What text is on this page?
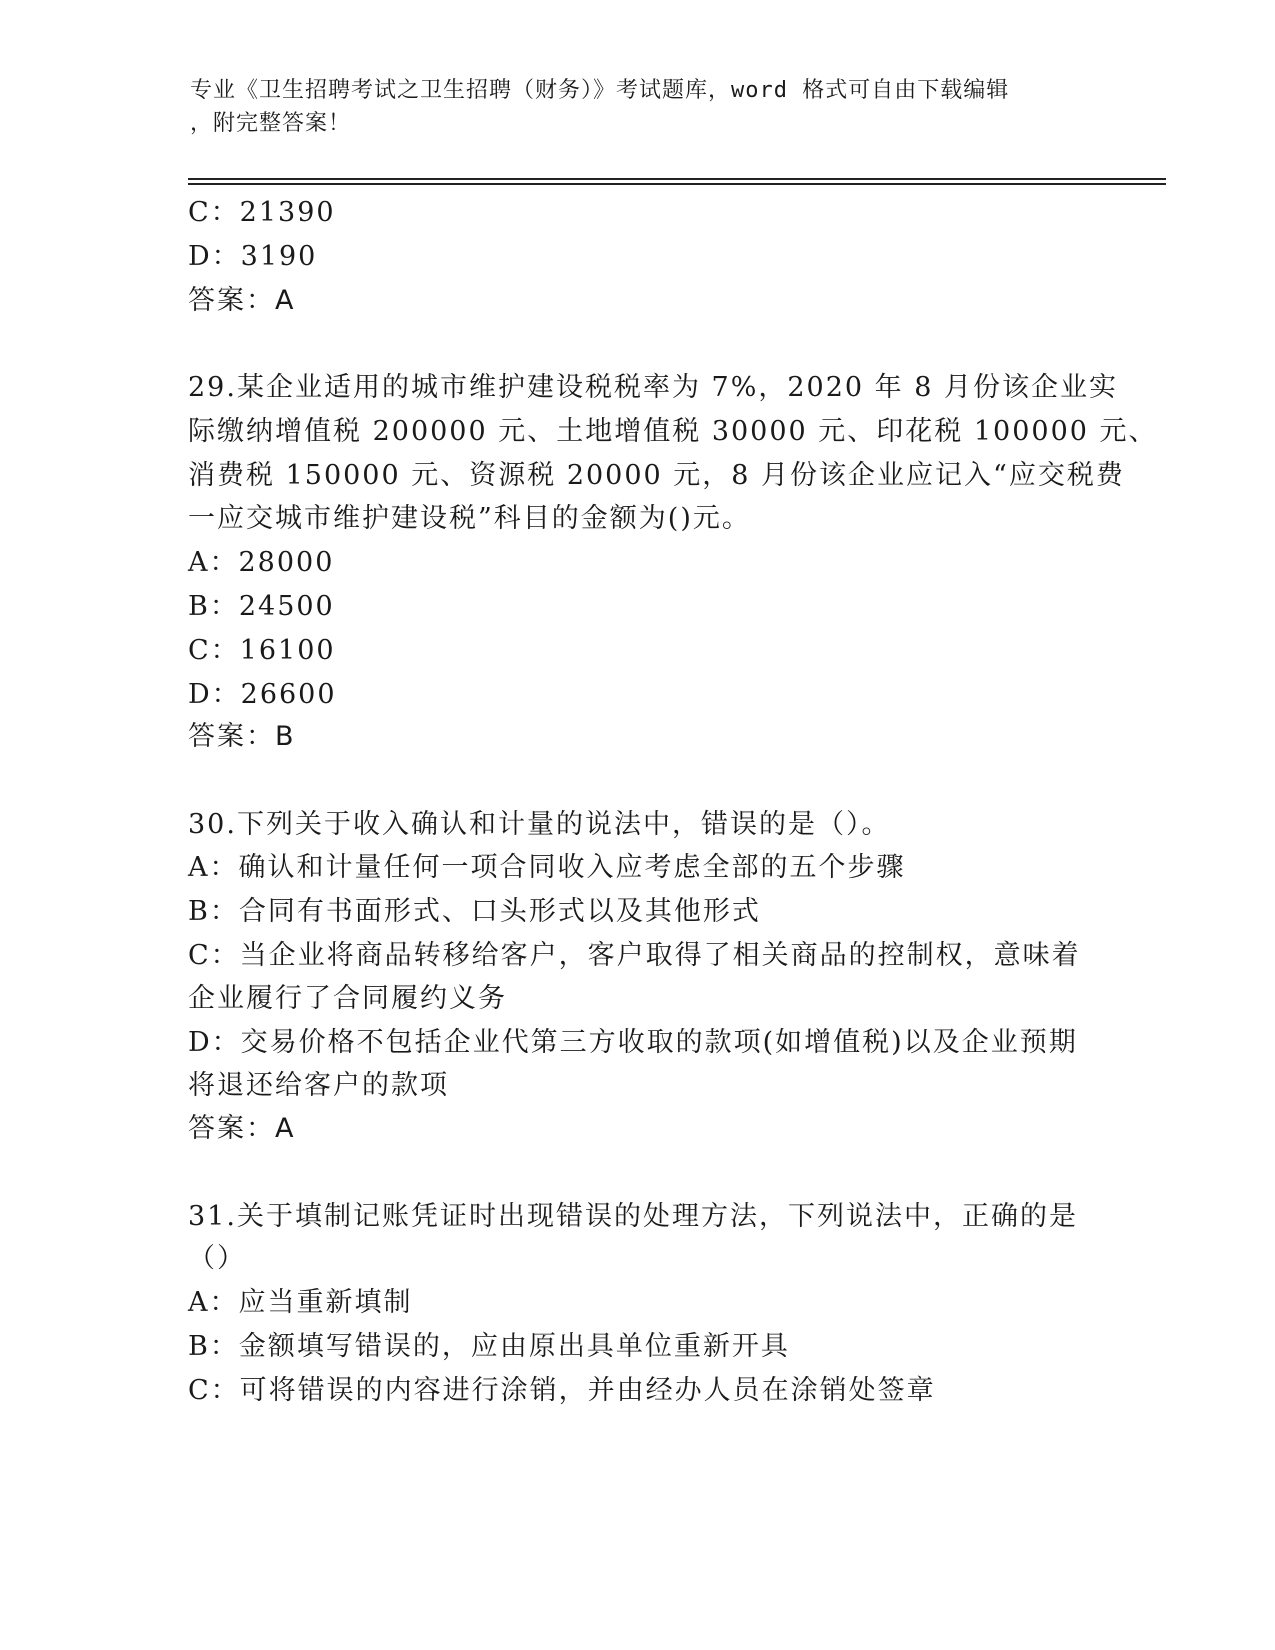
专业《卫生招聘考试之卫生招聘（财务）》考试题库，word 格式可自由下载编辑
，附完整答案！
C：21390
D：3190
答案：A
29.某企业适用的城市维护建设税税率为 7%，2020 年 8 月份该企业实
际缴纳增值税 200000 元、土地增值税 30000 元、印花税 100000 元、
消费税 150000 元、资源税 20000 元，8 月份该企业应记入“应交税费
一应交城市维护建设税”科目的金额为()元。
A：28000
B：24500
C：16100
D：26600
答案：B
30.下列关于收入确认和计量的说法中，错误的是（）。
A：确认和计量任何一项合同收入应考虑全部的五个步骤
B：合同有书面形式、口头形式以及其他形式
C：当企业将商品转移给客户，客户取得了相关商品的控制权，意味着
企业履行了合同履约义务
D：交易价格不包括企业代第三方收取的款项(如增值税)以及企业预期
将退还给客户的款项
答案：A
31.关于填制记账凭证时出现错误的处理方法，下列说法中，正确的是
（）
A：应当重新填制
B：金额填写错误的，应由原出具单位重新开具
C：可将错误的内容进行涂销，并由经办人员在涂销处签章
